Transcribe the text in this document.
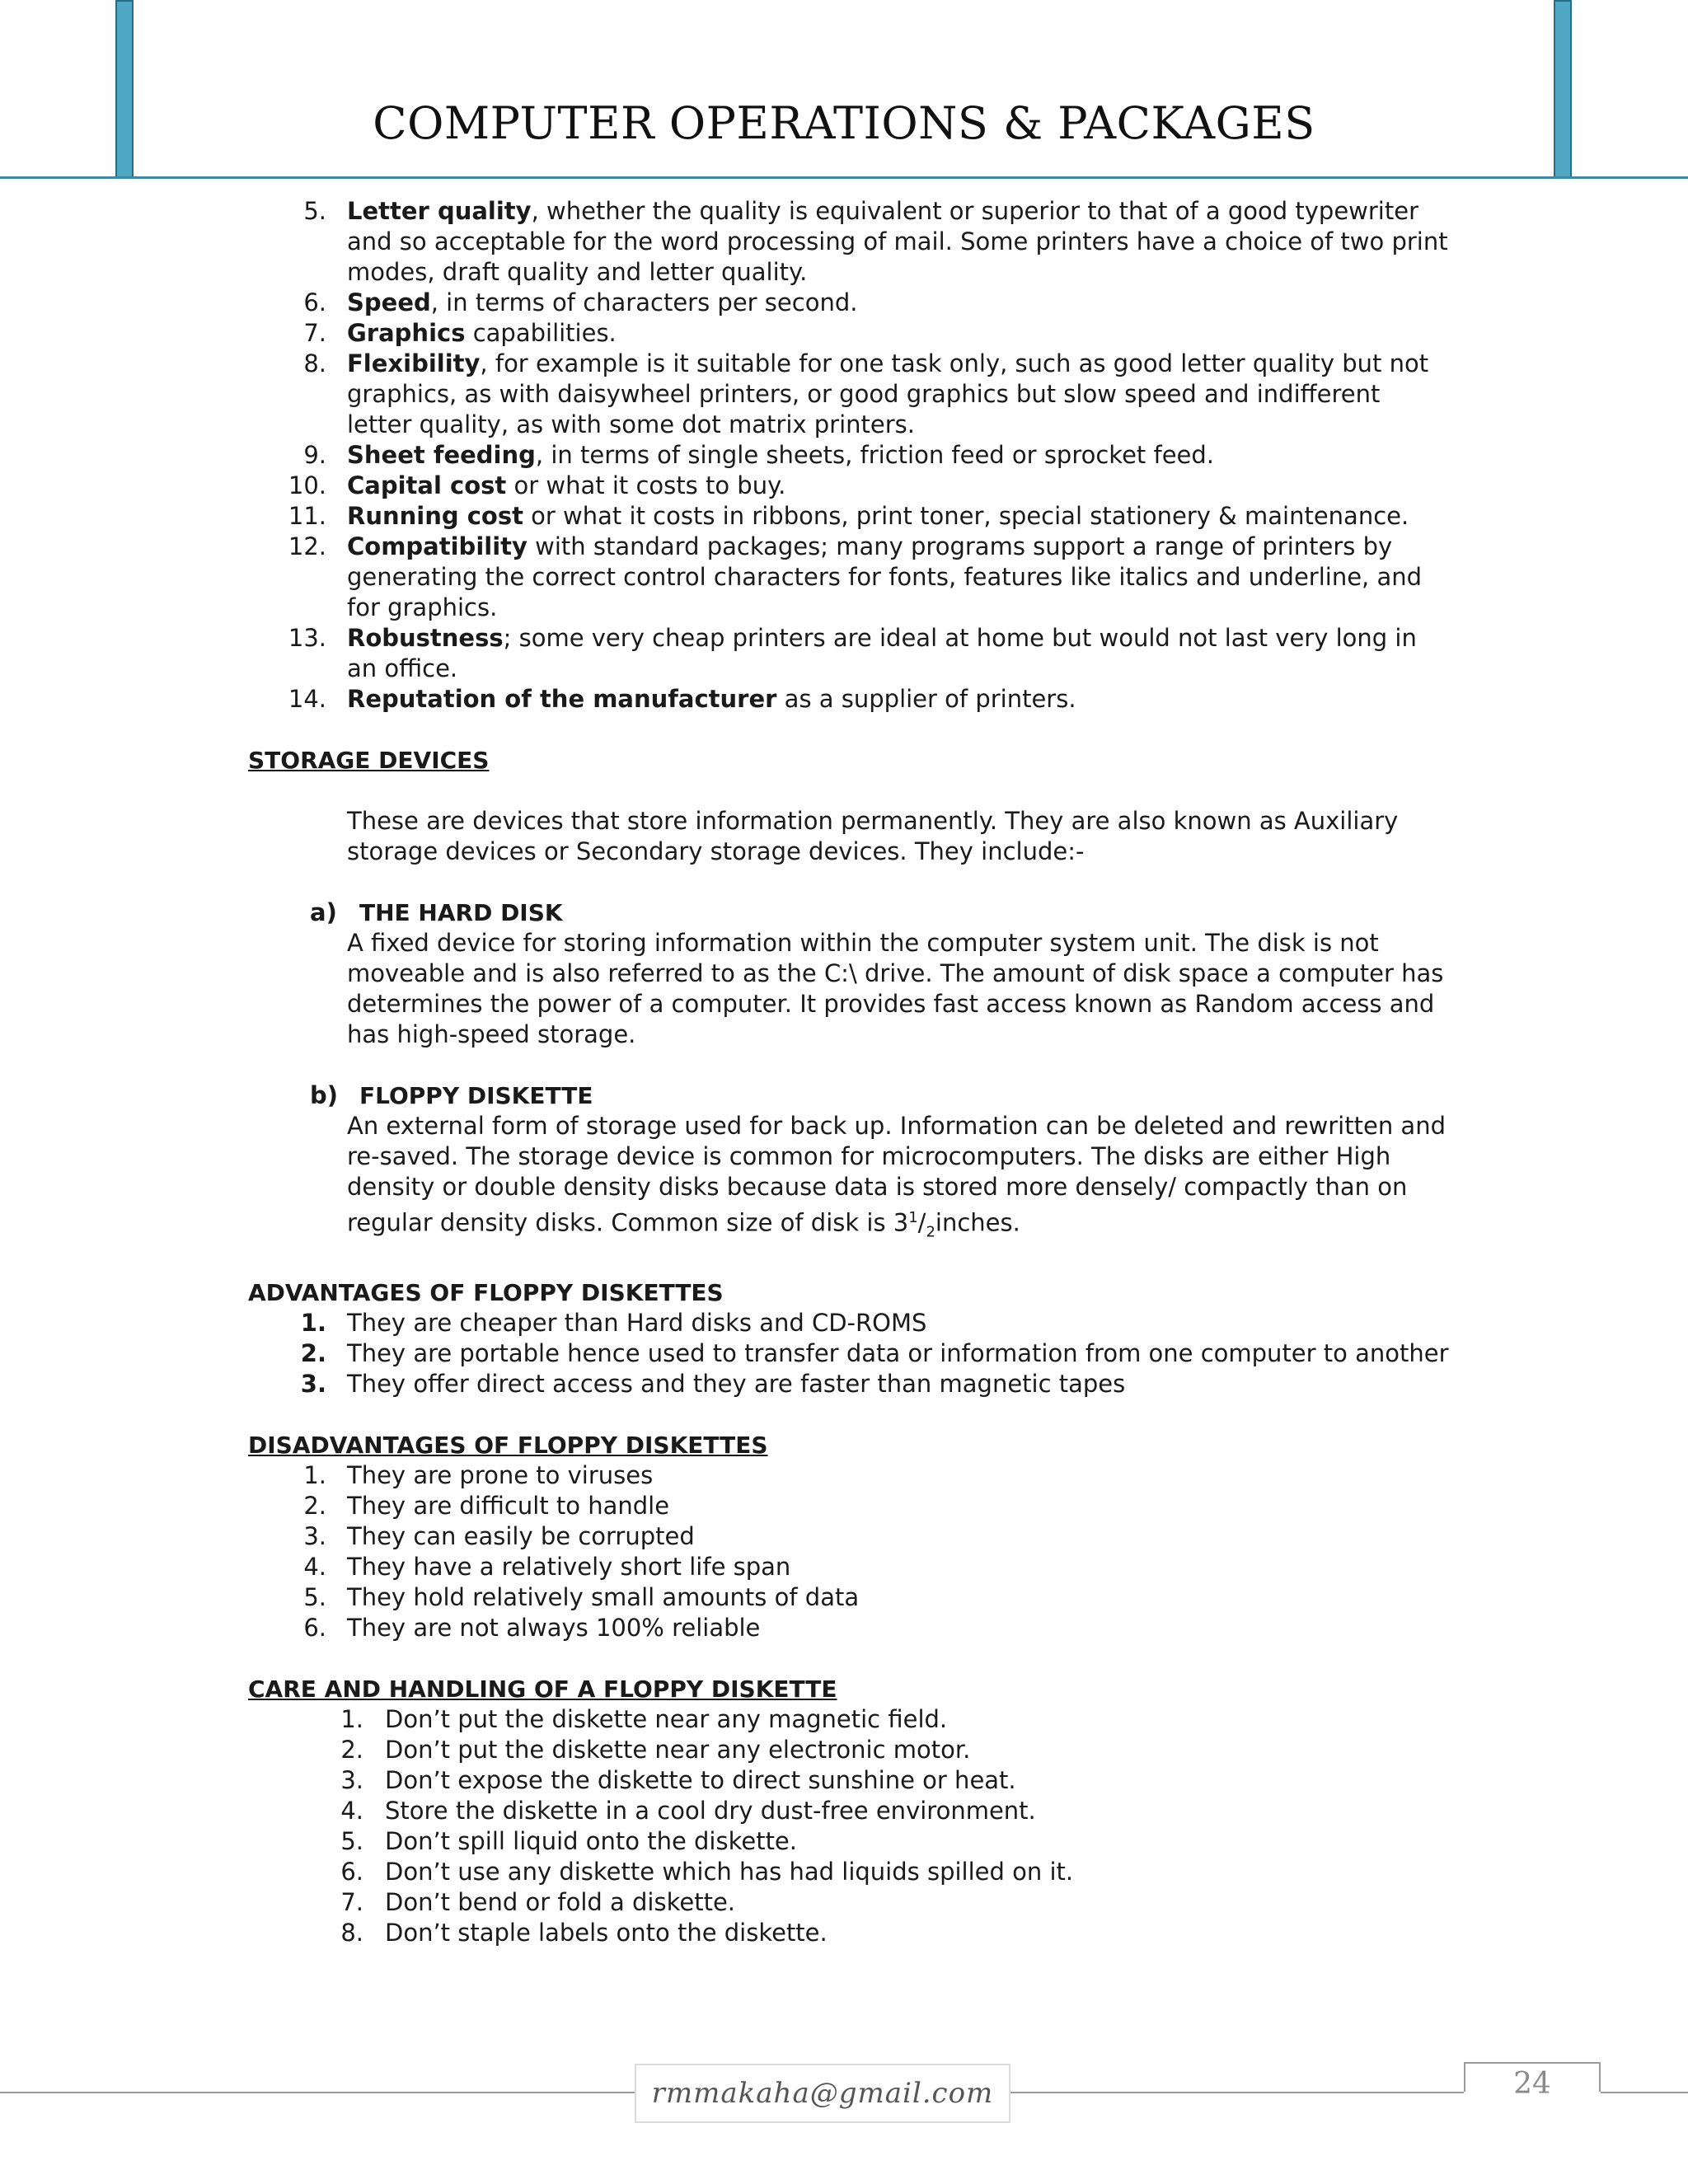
COMPUTER OPERATIONS & PACKAGES
5. Letter quality, whether the quality is equivalent or superior to that of a good typewriter and so acceptable for the word processing of mail. Some printers have a choice of two print modes, draft quality and letter quality.
6. Speed, in terms of characters per second.
7. Graphics capabilities.
8. Flexibility, for example is it suitable for one task only, such as good letter quality but not graphics, as with daisywheel printers, or good graphics but slow speed and indifferent letter quality, as with some dot matrix printers.
9. Sheet feeding, in terms of single sheets, friction feed or sprocket feed.
10. Capital cost or what it costs to buy.
11. Running cost or what it costs in ribbons, print toner, special stationery & maintenance.
12. Compatibility with standard packages; many programs support a range of printers by generating the correct control characters for fonts, features like italics and underline, and for graphics.
13. Robustness; some very cheap printers are ideal at home but would not last very long in an office.
14. Reputation of the manufacturer as a supplier of printers.
STORAGE DEVICES
These are devices that store information permanently. They are also known as Auxiliary storage devices or Secondary storage devices. They include:-
a) THE HARD DISK
A fixed device for storing information within the computer system unit. The disk is not moveable and is also referred to as the C:\ drive. The amount of disk space a computer has determines the power of a computer. It provides fast access known as Random access and has high-speed storage.
b) FLOPPY DISKETTE
An external form of storage used for back up. Information can be deleted and rewritten and re-saved. The storage device is common for microcomputers. The disks are either High density or double density disks because data is stored more densely/ compactly than on regular density disks. Common size of disk is $3^1/_2inches$.
ADVANTAGES OF FLOPPY DISKETTES
1. They are cheaper than Hard disks and CD-ROMS
2. They are portable hence used to transfer data or information from one computer to another
3. They offer direct access and they are faster than magnetic tapes
DISADVANTAGES OF FLOPPY DISKETTES
1. They are prone to viruses
2. They are difficult to handle
3. They can easily be corrupted
4. They have a relatively short life span
5. They hold relatively small amounts of data
6. They are not always 100% reliable
CARE AND HANDLING OF A FLOPPY DISKETTE
1. Don’t put the diskette near any magnetic field.
2. Don’t put the diskette near any electronic motor.
3. Don’t expose the diskette to direct sunshine or heat.
4. Store the diskette in a cool dry dust-free environment.
5. Don’t spill liquid onto the diskette.
6. Don’t use any diskette which has had liquids spilled on it.
7. Don’t bend or fold a diskette.
8. Don’t staple labels onto the diskette.
rmmakaha@gmail.com	24
